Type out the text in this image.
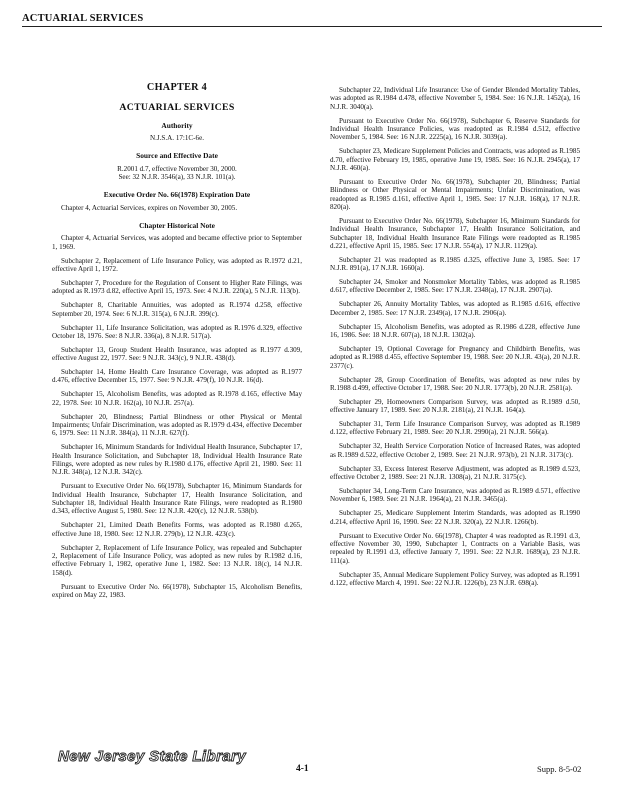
ACTUARIAL SERVICES
CHAPTER 4
ACTUARIAL SERVICES
Authority

N.J.S.A. 17:1C-6e.

Source and Effective Date

R.2001 d.7, effective November 30, 2000.

See: 32 N.J.R. 3546(a), 33 N.J.R. 101(a).

Executive Order No. 66(1978) Expiration Date

Chapter 4, Actuarial Services, expires on November 30, 2005.

Chapter Historical Note

Chapter 4, Actuarial Services, was adopted and became effective prior to September 1, 1969.

Subchapter 2, Replacement of Life Insurance Policy, was adopted as R.1972 d.21, effective April 1, 1972.

Subchapter 7, Procedure for the Regulation of Consent to Higher Rate Filings, was adopted as R.1973 d.82, effective April 15, 1973. See: 4 N.J.R. 220(a), 5 N.J.R. 113(b).

Subchapter 8, Charitable Annuities, was adopted as R.1974 d.258, effective September 20, 1974. See: 6 N.J.R. 315(a), 6 N.J.R. 399(c).

Subchapter 11, Life Insurance Solicitation, was adopted as R.1976 d.329, effective October 18, 1976. See: 8 N.J.R. 336(a), 8 N.J.R. 517(a).

Subchapter 13, Group Student Health Insurance, was adopted as R.1977 d.309, effective August 22, 1977. See: 9 N.J.R. 343(c), 9 N.J.R. 438(d).

Subchapter 14, Home Health Care Insurance Coverage, was adopted as R.1977 d.476, effective December 15, 1977. See: 9 N.J.R. 479(f), 10 N.J.R. 16(d).

Subchapter 15, Alcoholism Benefits, was adopted as R.1978 d.165, effective May 22, 1978. See: 10 N.J.R. 162(a), 10 N.J.R. 257(a).

Subchapter 20, Blindness; Partial Blindness or other Physical or Mental Impairments; Unfair Discrimination, was adopted as R.1979 d.434, effective December 6, 1979. See: 11 N.J.R. 384(a), 11 N.J.R. 627(f).

Subchapter 16, Minimum Standards for Individual Health Insurance, Subchapter 17, Health Insurance Solicitation, and Subchapter 18, Individual Health Insurance Rate Filings, were adopted as new rules by R.1980 d.176, effective April 21, 1980. See: 11 N.J.R. 348(a), 12 N.J.R. 342(c).

Pursuant to Executive Order No. 66(1978), Subchapter 16, Minimum Standards for Individual Health Insurance, Subchapter 17, Health Insurance Solicitation, and Subchapter 18, Individual Health Insurance Rate Filings, were readopted as R.1980 d.343, effective August 5, 1980. See: 12 N.J.R. 420(c), 12 N.J.R. 538(b).

Subchapter 21, Limited Death Benefits Forms, was adopted as R.1980 d.265, effective June 18, 1980. See: 12 N.J.R. 279(b), 12 N.J.R. 423(c).

Subchapter 2, Replacement of Life Insurance Policy, was repealed and Subchapter 2, Replacement of Life Insurance Policy, was adopted as new rules by R.1982 d.16, effective February 1, 1982, operative June 1, 1982. See: 13 N.J.R. 18(c), 14 N.J.R. 158(d).

Pursuant to Executive Order No. 66(1978), Subchapter 15, Alcoholism Benefits, expired on May 22, 1983.

Subchapter 22, Individual Life Insurance: Use of Gender Blended Mortality Tables, was adopted as R.1984 d.478, effective November 5, 1984. See: 16 N.J.R. 1452(a), 16 N.J.R. 3040(a).

Pursuant to Executive Order No. 66(1978), Subchapter 6, Reserve Standards for Individual Health Insurance Policies, was readopted as R.1984 d.512, effective November 5, 1984. See: 16 N.J.R. 2225(a), 16 N.J.R. 3039(a).

Subchapter 23, Medicare Supplement Policies and Contracts, was adopted as R.1985 d.70, effective February 19, 1985, operative June 19, 1985. See: 16 N.J.R. 2945(a), 17 N.J.R. 460(a).

Pursuant to Executive Order No. 66(1978), Subchapter 20, Blindness; Partial Blindness or Other Physical or Mental Impairments; Unfair Discrimination, was readopted as R.1985 d.161, effective April 1, 1985. See: 17 N.J.R. 168(a), 17 N.J.R. 820(a).

Pursuant to Executive Order No. 66(1978), Subchapter 16, Minimum Standards for Individual Health Insurance, Subchapter 17, Health Insurance Solicitation, and Subchapter 18, Individual Health Insurance Rate Filings were readopted as R.1985 d.221, effective April 15, 1985. See: 17 N.J.R. 554(a), 17 N.J.R. 1129(a).

Subchapter 21 was readopted as R.1985 d.325, effective June 3, 1985. See: 17 N.J.R. 891(a), 17 N.J.R. 1660(a).

Subchapter 24, Smoker and Nonsmoker Mortality Tables, was adopted as R.1985 d.617, effective December 2, 1985. See: 17 N.J.R. 2348(a), 17 N.J.R. 2907(a).

Subchapter 26, Annuity Mortality Tables, was adopted as R.1985 d.616, effective December 2, 1985. See: 17 N.J.R. 2349(a), 17 N.J.R. 2906(a).

Subchapter 15, Alcoholism Benefits, was adopted as R.1986 d.228, effective June 16, 1986. See: 18 N.J.R. 607(a), 18 N.J.R. 1302(a).

Subchapter 19, Optional Coverage for Pregnancy and Childbirth Benefits, was adopted as R.1988 d.455, effective September 19, 1988. See: 20 N.J.R. 43(a), 20 N.J.R. 2377(c).

Subchapter 28, Group Coordination of Benefits, was adopted as new rules by R.1988 d.499, effective October 17, 1988. See: 20 N.J.R. 1773(b), 20 N.J.R. 2581(a).

Subchapter 29, Homeowners Comparison Survey, was adopted as R.1989 d.50, effective January 17, 1989. See: 20 N.J.R. 2181(a), 21 N.J.R. 164(a).

Subchapter 31, Term Life Insurance Comparison Survey, was adopted as R.1989 d.122, effective February 21, 1989. See: 20 N.J.R. 2990(a), 21 N.J.R. 566(a).

Subchapter 32, Health Service Corporation Notice of Increased Rates, was adopted as R.1989 d.522, effective October 2, 1989. See: 21 N.J.R. 973(b), 21 N.J.R. 3173(c).

Subchapter 33, Excess Interest Reserve Adjustment, was adopted as R.1989 d.523, effective October 2, 1989. See: 21 N.J.R. 1308(a), 21 N.J.R. 3175(c).

Subchapter 34, Long-Term Care Insurance, was adopted as R.1989 d.571, effective November 6, 1989. See: 21 N.J.R. 1964(a), 21 N.J.R. 3465(a).

Subchapter 25, Medicare Supplement Interim Standards, was adopted as R.1990 d.214, effective April 16, 1990. See: 22 N.J.R. 320(a), 22 N.J.R. 1266(b).

Pursuant to Executive Order No. 66(1978), Chapter 4 was readopted as R.1991 d.3, effective November 30, 1990, Subchapter 1, Contracts on a Variable Basis, was repealed by R.1991 d.3, effective January 7, 1991. See: 22 N.J.R. 1689(a), 23 N.J.R. 111(a).

Subchapter 35, Annual Medicare Supplement Policy Survey, was adopted as R.1991 d.122, effective March 4, 1991. See: 22 N.J.R. 1226(b), 23 N.J.R. 698(a).

New Jersey State Library
4-1	Supp. 8-5-02
